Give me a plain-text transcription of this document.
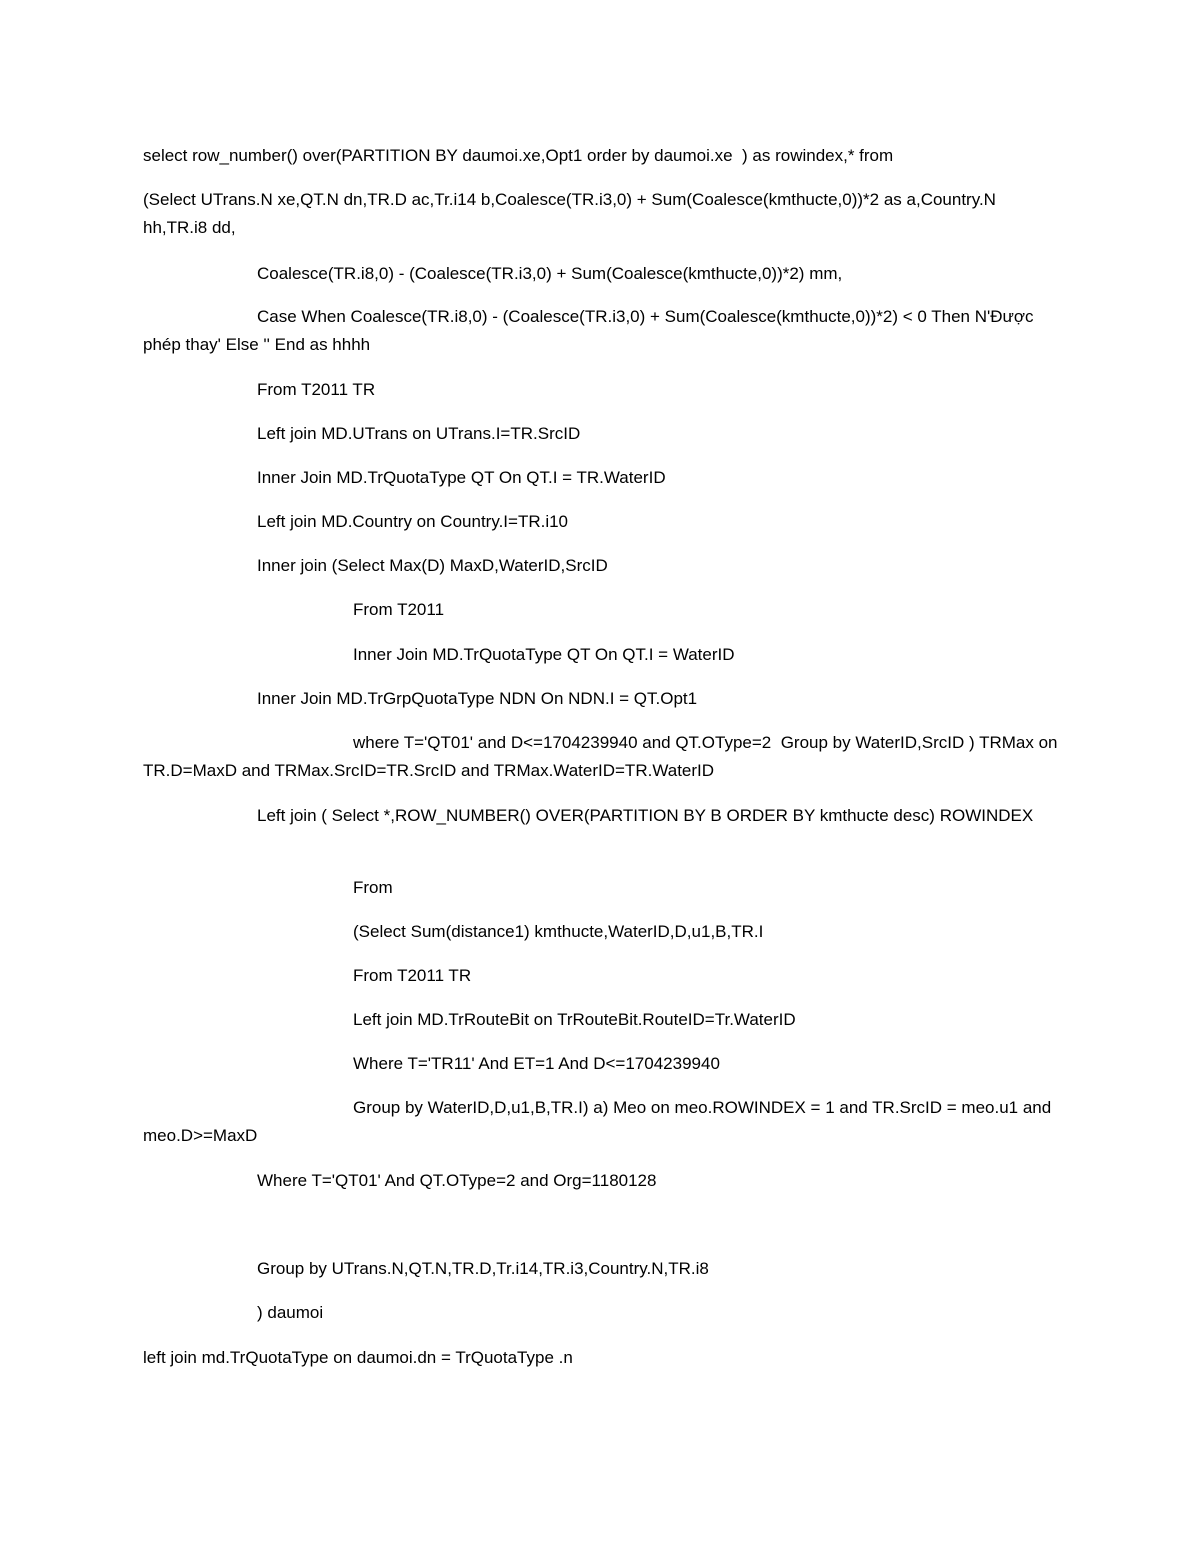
select row_number() over(PARTITION BY daumoi.xe,Opt1 order by daumoi.xe  ) as rowindex,* from

(Select UTrans.N xe,QT.N dn,TR.D ac,Tr.i14 b,Coalesce(TR.i3,0) + Sum(Coalesce(kmthucte,0))*2 as a,Country.N hh,TR.i8 dd,

Coalesce(TR.i8,0) - (Coalesce(TR.i3,0) + Sum(Coalesce(kmthucte,0))*2) mm,

Case When Coalesce(TR.i8,0) - (Coalesce(TR.i3,0) + Sum(Coalesce(kmthucte,0))*2) < 0 Then N'Được phép thay' Else '' End as hhhh

From T2011 TR

Left join MD.UTrans on UTrans.I=TR.SrcID

Inner Join MD.TrQuotaType QT On QT.I = TR.WaterID

Left join MD.Country on Country.I=TR.i10

Inner join (Select Max(D) MaxD,WaterID,SrcID

From T2011

Inner Join MD.TrQuotaType QT On QT.I = WaterID

Inner Join MD.TrGrpQuotaType NDN On NDN.I = QT.Opt1

where T='QT01' and D<=1704239940 and QT.OType=2  Group by WaterID,SrcID ) TRMax on TR.D=MaxD and TRMax.SrcID=TR.SrcID and TRMax.WaterID=TR.WaterID

Left join ( Select *,ROW_NUMBER() OVER(PARTITION BY B ORDER BY kmthucte desc) ROWINDEX

From

(Select Sum(distance1) kmthucte,WaterID,D,u1,B,TR.I

From T2011 TR

Left join MD.TrRouteBit on TrRouteBit.RouteID=Tr.WaterID

Where T='TR11' And ET=1 And D<=1704239940

Group by WaterID,D,u1,B,TR.I) a) Meo on meo.ROWINDEX = 1 and TR.SrcID = meo.u1 and meo.D>=MaxD

Where T='QT01' And QT.OType=2 and Org=1180128

Group by UTrans.N,QT.N,TR.D,Tr.i14,TR.i3,Country.N,TR.i8

) daumoi

left join md.TrQuotaType on daumoi.dn = TrQuotaType .n
